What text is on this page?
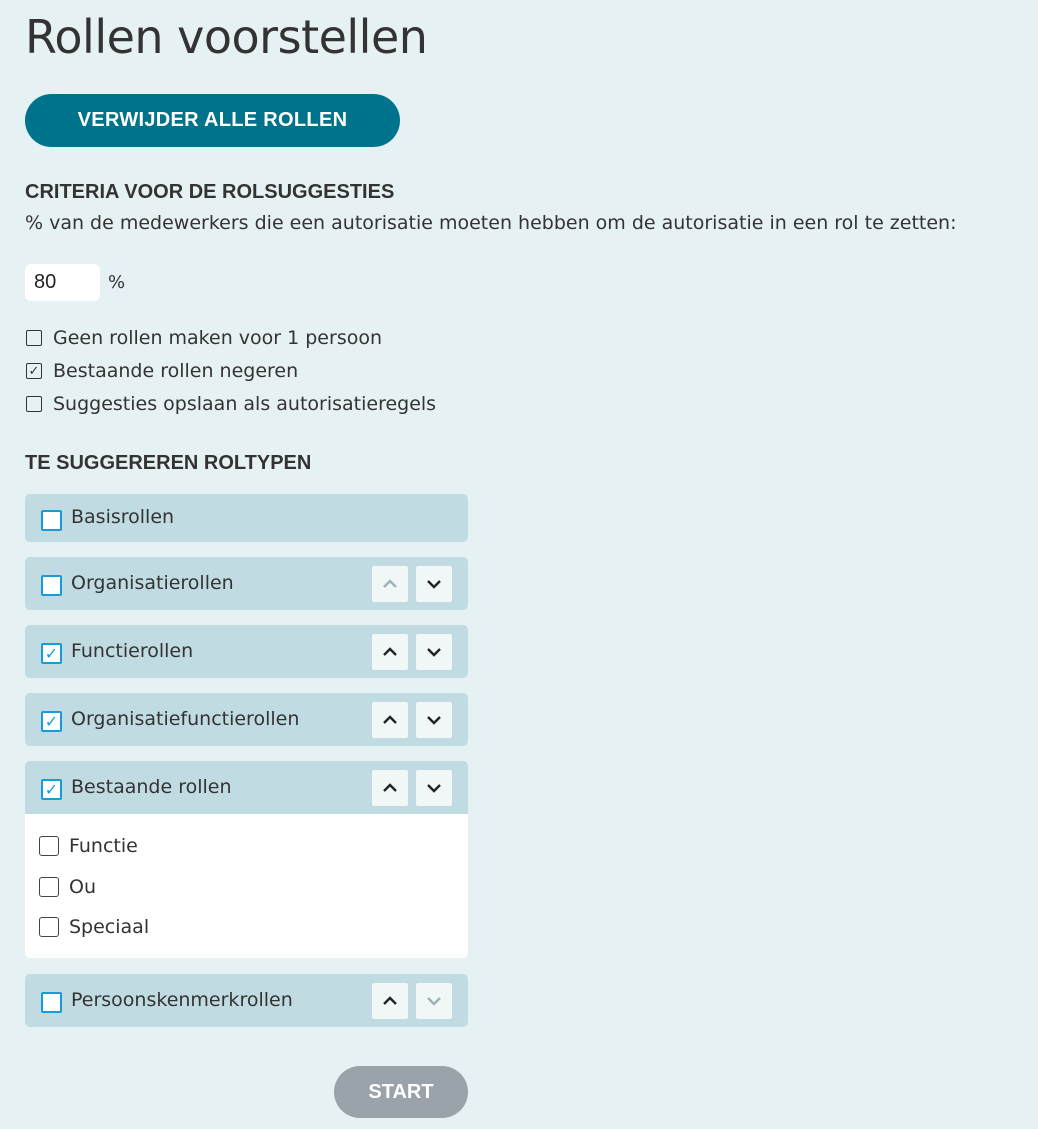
Rollen voorstellen
VERWIJDER ALLE ROLLEN
CRITERIA VOOR DE ROLSUGGESTIES

% van de medewerkers die een autorisatie moeten hebben om de autorisatie in een rol te zetten:

80
%
Geen rollen maken voor 1 persoon
✓ Bestaande rollen negeren
Suggesties opslaan als autorisatieregels
TE SUGGEREREN ROLTYPEN
Basisrollen
Organisatierollen
✓ Functierollen
✓ Organisatiefunctierollen
✓ Bestaande rollen
Functie
Ou
Speciaal
Persoonskenmerkrollen
START
